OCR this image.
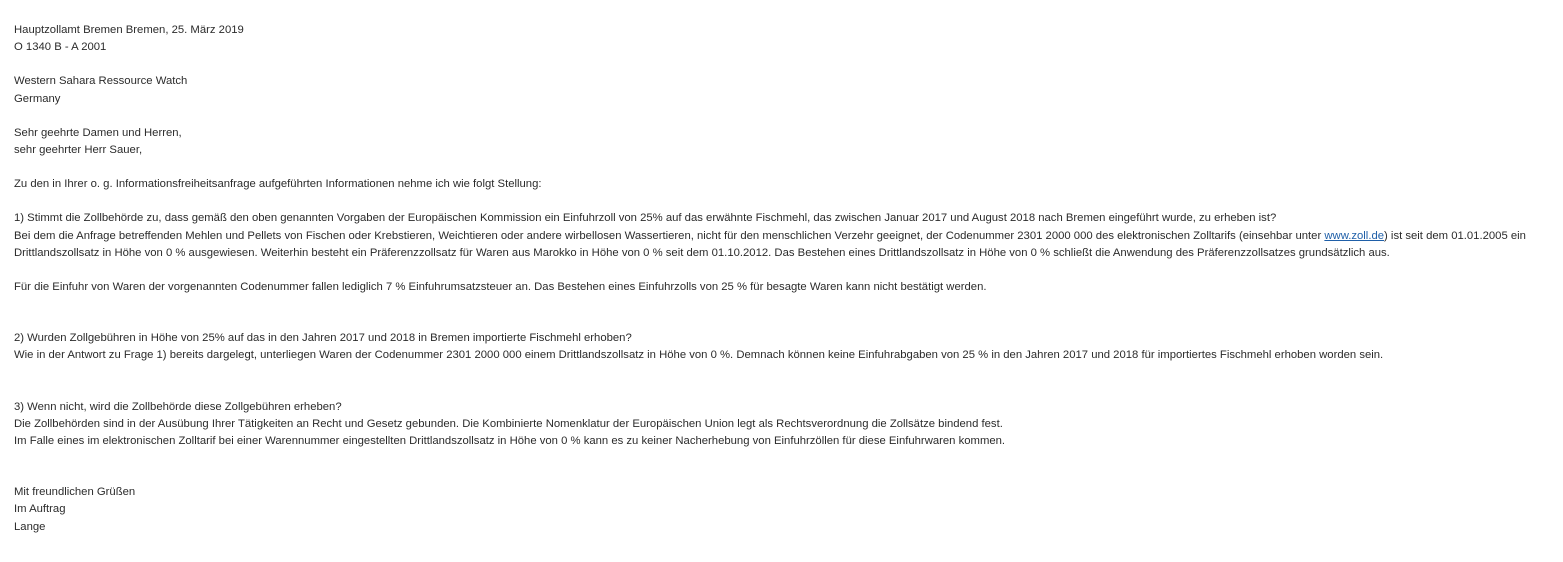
Hauptzollamt Bremen Bremen, 25. März 2019

O 1340 B - A 2001

Western Sahara Ressource Watch

Germany

Sehr geehrte Damen und Herren,

sehr geehrter Herr Sauer,

Zu den in Ihrer o. g. Informationsfreiheitsanfrage aufgeführten Informationen nehme ich wie folgt Stellung:

1) Stimmt die Zollbehörde zu, dass gemäß den oben genannten Vorgaben der Europäischen Kommission ein Einfuhrzoll von 25% auf das erwähnte Fischmehl, das zwischen Januar 2017 und August 2018 nach Bremen eingeführt wurde, zu erheben ist?

Bei dem die Anfrage betreffenden Mehlen und Pellets von Fischen oder Krebstieren, Weichtieren oder andere wirbellosen Wassertieren, nicht für den menschlichen Verzehr geeignet, der Codenummer 2301 2000 000 des elektronischen Zolltarifs (einsehbar unter www.zoll.de) ist seit dem 01.01.2005 ein Drittlandszollsatz in Höhe von 0 % ausgewiesen. Weiterhin besteht ein Präferenzzollsatz für Waren aus Marokko in Höhe von 0 % seit dem 01.10.2012. Das Bestehen eines Drittlandszollsatz in Höhe von 0 % schließt die Anwendung des Präferenzzollsatzes grundsätzlich aus.

Für die Einfuhr von Waren der vorgenannten Codenummer fallen lediglich 7 % Einfuhrumsatzsteuer an. Das Bestehen eines Einfuhrzolls von 25 % für besagte Waren kann nicht bestätigt werden.

2) Wurden Zollgebühren in Höhe von 25% auf das in den Jahren 2017 und 2018 in Bremen importierte Fischmehl erhoben?

Wie in der Antwort zu Frage 1) bereits dargelegt, unterliegen Waren der Codenummer 2301 2000 000 einem Drittlandszollsatz in Höhe von 0 %. Demnach können keine Einfuhrabgaben von 25 % in den Jahren 2017 und 2018 für importiertes Fischmehl erhoben worden sein.

3) Wenn nicht, wird die Zollbehörde diese Zollgebühren erheben?

Die Zollbehörden sind in der Ausübung Ihrer Tätigkeiten an Recht und Gesetz gebunden. Die Kombinierte Nomenklatur der Europäischen Union legt als Rechtsverordnung die Zollsätze bindend fest.

Im Falle eines im elektronischen Zolltarif bei einer Warennummer eingestellten Drittlandszollsatz in Höhe von 0 % kann es zu keiner Nacherhebung von Einfuhrzöllen für diese Einfuhrwaren kommen.

Mit freundlichen Grüßen

Im Auftrag

Lange
